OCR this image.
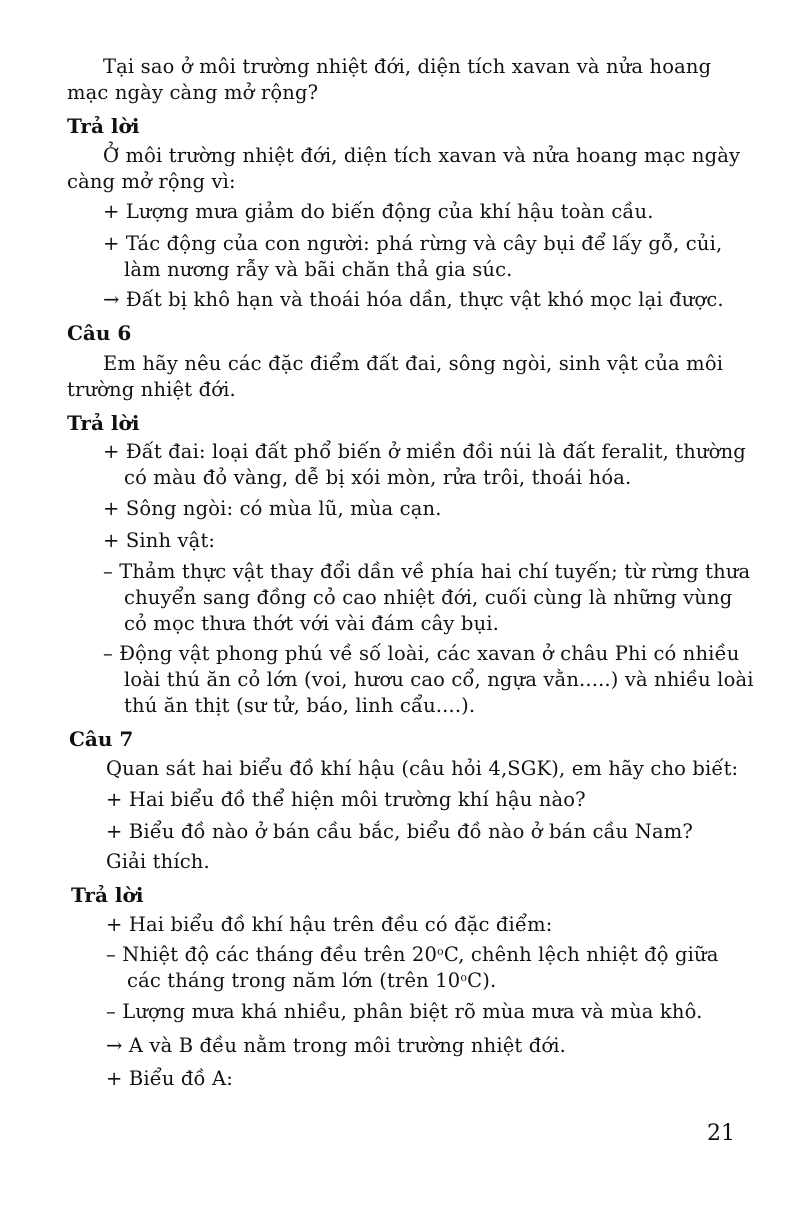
Tại sao ở môi trường nhiệt đới, diện tích xavan và nửa hoang
mạc ngày càng mở rộng?
Trả lời
Ở môi trường nhiệt đới, diện tích xavan và nửa hoang mạc ngày
càng mở rộng vì:
+ Lượng mưa giảm do biến động của khí hậu toàn cầu.
+ Tác động của con người: phá rừng và cây bụi để lấy gỗ, củi,
làm nương rẫy và bãi chăn thả gia súc.
→ Đất bị khô hạn và thoái hóa dần, thực vật khó mọc lại được.
Câu 6
Em hãy nêu các đặc điểm đất đai, sông ngòi, sinh vật của môi
trường nhiệt đới.
Trả lời
+ Đất đai: loại đất phổ biến ở miền đồi núi là đất feralit, thường
có màu đỏ vàng, dễ bị xói mòn, rửa trôi, thoái hóa.
+ Sông ngòi: có mùa lũ, mùa cạn.
+ Sinh vật:
– Thảm thực vật thay đổi dần về phía hai chí tuyến; từ rừng thưa
chuyển sang đồng cỏ cao nhiệt đới, cuối cùng là những vùng
cỏ mọc thưa thớt với vài đám cây bụi.
– Động vật phong phú về số loài, các xavan ở châu Phi có nhiều
loài thú ăn cỏ lớn (voi, hươu cao cổ, ngựa vằn.....) và nhiều loài
thú ăn thịt (sư tử, báo, linh cẩu....).
Câu 7
Quan sát hai biểu đồ khí hậu (câu hỏi 4,SGK), em hãy cho biết:
+ Hai biểu đồ thể hiện môi trường khí hậu nào?
+ Biểu đồ nào ở bán cầu bắc, biểu đồ nào ở bán cầu Nam?
Giải thích.
Trả lời
+ Hai biểu đồ khí hậu trên đều có đặc điểm:
– Nhiệt độ các tháng đều trên 20$^o$C, chênh lệch nhiệt độ giữa
các tháng trong năm lớn (trên 10$^o$C).
– Lượng mưa khá nhiều, phân biệt rõ mùa mưa và mùa khô.
→ A và B đều nằm trong môi trường nhiệt đới.
+ Biểu đồ A:
21
